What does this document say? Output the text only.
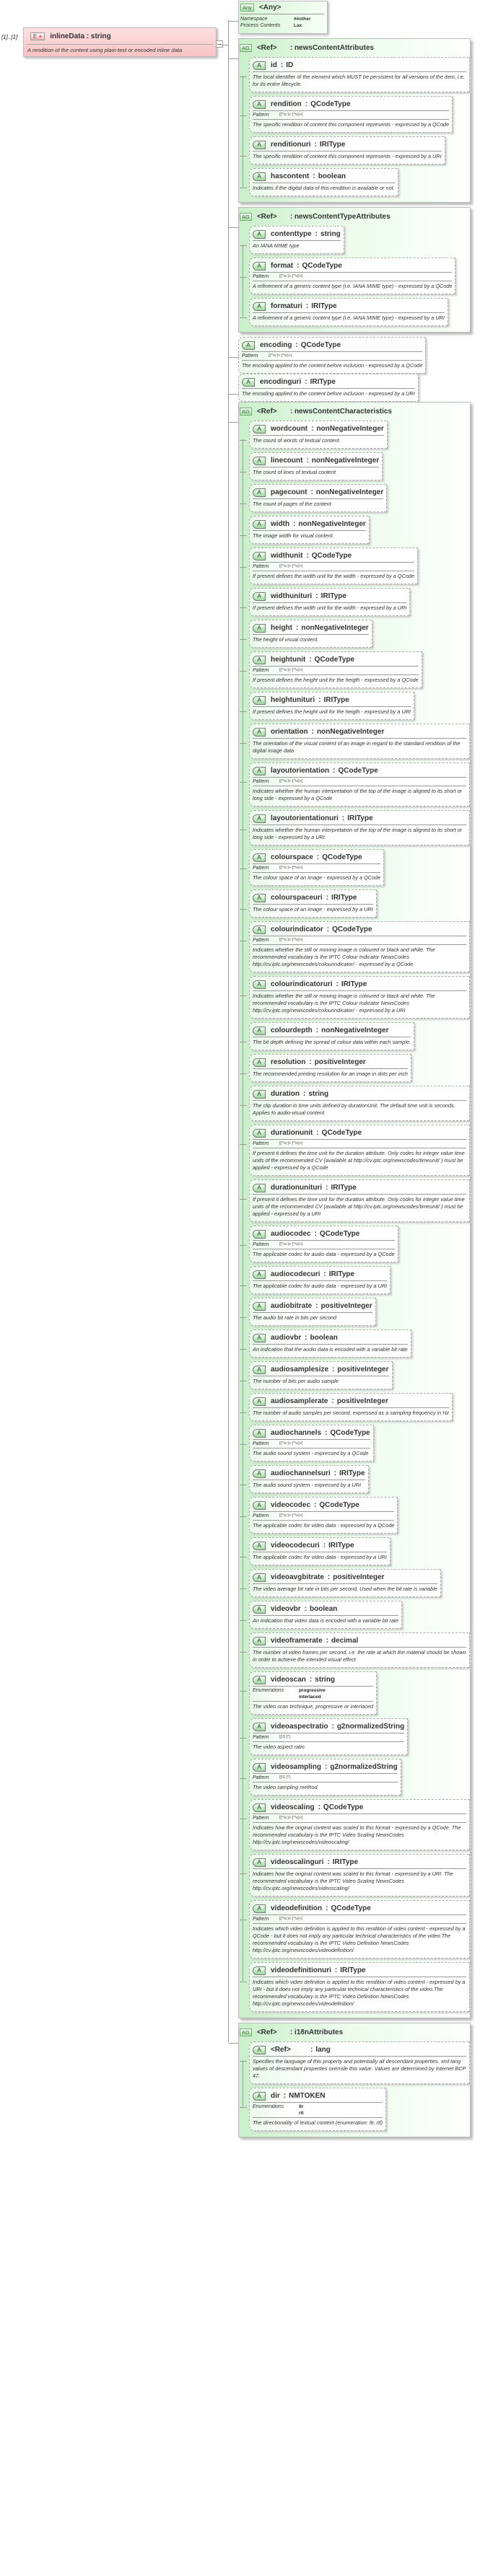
[1]..[1]	E +	inlineData : string
A rendition of the content using plain-text or encoded inline data
Any	<Any>
Namespace	##other
Process Contents	Lax
AG	<Ref>	: newsContentAttributes
A	id : ID
The local identifier of the element which MUST be persistent for all versions of the item, i.e. for its entire lifecycle.
A	rendition : QCodeType
Pattern	[[^\s:]+:[^\s]+]
The specific rendition of content this component represents - expressed by a QCode
A	renditionuri : IRIType
The specific rendition of content this component represents - expressed by a URI
A	hascontent : boolean
Indicates if the digital data of this rendition is available or not.
AG	<Ref>	: newsContentTypeAttributes
A	contenttype : string
An IANA MIME type
A	format : QCodeType
Pattern	[[^\s:]+:[^\s]+]
A refinement of a generic content type (i.e. IANA MIME type) - expressed by a QCode
A	formaturi : IRIType
A refinement of a generic content type (i.e. IANA MIME type) - expressed by a URI
A	encoding : QCodeType
Pattern	[[^\s:]+:[^\s]+]
The encoding applied to the content before inclusion - expressed by a QCode
A	encodinguri : IRIType
The encoding applied to the content before inclusion - expressed by a URI
AG	<Ref>	: newsContentCharacteristics
A	wordcount : nonNegativeInteger
The count of words of textual content.
A	linecount : nonNegativeInteger
The count of lines of textual content
A	pagecount : nonNegativeInteger
The count of pages of the content
A	width : nonNegativeInteger
The image width for visual content.
A	widthunit : QCodeType
Pattern	[[^\s:]+:[^\s]+]
If present defines the width unit for the width - expressed by a QCode
A	widthunituri : IRIType
If present defines the width unit for the width - expressed by a URI
A	height : nonNegativeInteger
The height of visual content.
A	heightunit : QCodeType
Pattern	[[^\s:]+:[^\s]+]
If present defines the height unit for the heigth - expressed by a QCode
A	heightunituri : IRIType
If present defines the height unit for the heigth - expressed by a URI
A	orientation : nonNegativeInteger
The orientation of the visual content of an image in regard to the standard rendition of the digital image data
A	layoutorientation : QCodeType
Pattern	[[^\s:]+:[^\s]+]
Indicates whether the human interpretation of the top of the image is aligned to its short or long side - expressed by a QCode
A	layoutorientationuri : IRIType
Indicates whether the human interpretation of the top of the image is aligned to its short or long side - expressed by a URI
A	colourspace : QCodeType
Pattern	[[^\s:]+:[^\s]+]
The colour space of an image - expressed by a QCode
A	colourspaceuri : IRIType
The colour space of an image - expressed by a URI
A	colourindicator : QCodeType
Pattern	[[^\s:]+:[^\s]+]
Indicates whether the still or moving image is coloured or black and white. The recommended vocabulary is the IPTC Colour Indicator NewsCodes http://cv.iptc.org/newscodes/colourindicator/ - expressed by a QCode
A	colourindicatoruri : IRIType
Indicates whether the still or moving image is coloured or black and white. The recommended vocabulary is the IPTC Colour Indicator NewsCodes http://cv.iptc.org/newscodes/colourindicator/ - expressed by a URI
A	colourdepth : nonNegativeInteger
The bit depth defining the spread of colour data within each sample.
A	resolution : positiveInteger
The recommended printing resolution for an image in dots per inch
A	duration : string
The clip duration in time units defined by durationUnit. The default time unit is seconds. Applies to audio-visual content.
A	durationunit : QCodeType
Pattern	[[^\s:]+:[^\s]+]
If present it defines the time unit for the duration attribute. Only codes for integer value time units of the recommended CV (available at http://cv.iptc.org/newscodes/timeunit/ ) must be applied - expressed by a QCode
A	durationunituri : IRIType
If present it defines the time unit for the duration attribute. Only codes for integer value time units of the recommended CV (available at http://cv.iptc.org/newscodes/timeunit/ ) must be applied - expressed by a URI
A	audiocodec : QCodeType
Pattern	[[^\s:]+:[^\s]+]
The applicable codec for audio data - expressed by a QCode
A	audiocodecuri : IRIType
The applicable codec for audio data - expressed by a URI
A	audiobitrate : positiveInteger
The audio bit rate in bits per second
A	audiovbr : boolean
An indication that the audio data is encoded with a variable bit rate
A	audiosamplesize : positiveInteger
The number of bits per audio sample
A	audiosamplerate : positiveInteger
The number of audio samples per second, expressed as a sampling frequency in Hz
A	audiochannels : QCodeType
Pattern	[[^\s:]+:[^\s]+]
The audio sound system - expressed by a QCode
A	audiochannelsuri : IRIType
The audio sound system - expressed by a URI
A	videocodec : QCodeType
Pattern	[[^\s:]+:[^\s]+]
The applicable codec for video data - expressed by a QCode
A	videocodecuri : IRIType
The applicable codec for video data - expressed by a URI
A	videoavgbitrate : positiveInteger
The video average bit rate in bits per second. Used when the bit rate is variable
A	videovbr : boolean
An indication that video data is encoded with a variable bit rate
A	videoframerate : decimal
The number of video frames per second, i.e. the rate at which the material should be shown in order to achieve the intended visual effect
A	videoscan : string
Enumerations	progressive
interlaced
The video scan technique, progressive or interlaced
A	videoaspectratio : g2normalizedString
Pattern	[[\S ]*]
The video aspect ratio
A	videosampling : g2normalizedString
Pattern	[[\S ]*]
The video sampling method
A	videoscaling : QCodeType
Pattern	[[^\s:]+:[^\s]+]
Indicates how the original content was scaled to this format - expressed by a QCode. The recommended vocabulary is the IPTC Video Scaling NewsCodes http://cv.iptc.org/newscodes/videoscaling/
A	videoscalinguri : IRIType
Indicates how the original content was scaled to this format - expressed by a URI. The recommended vocabulary is the IPTC Video Scaling NewsCodes http://cv.iptc.org/newscodes/videoscaling/
A	videodefinition : QCodeType
Pattern	[[^\s:]+:[^\s]+]
Indicates which video definition is applied to this rendition of video content - expressed by a QCode - but it does not imply any particular technical characteristics of the video.The recommended vocabulary is the IPTC Video Definition NewsCodes http://cv.iptc.org/newscodes/videodefinition/
A	videodefinitionuri : IRIType
Indicates which video definition is applied to this rendition of video content - expressed by a URI - but it does not imply any particular technical characteristics of the video.The recommended vocabulary is the IPTC Video Definition NewsCodes http://cv.iptc.org/newscodes/videodefinition/
AG	<Ref>	: i18nAttributes
A	<Ref>	: lang
Specifies the language of this property and potentially all descendant properties. xml:lang values of descendant properties override this value. Values are determined by Internet BCP 47.
A	dir : NMTOKEN
Enumerations	ltr
rtl
The directionality of textual content (enumeration: ltr, rtl)
